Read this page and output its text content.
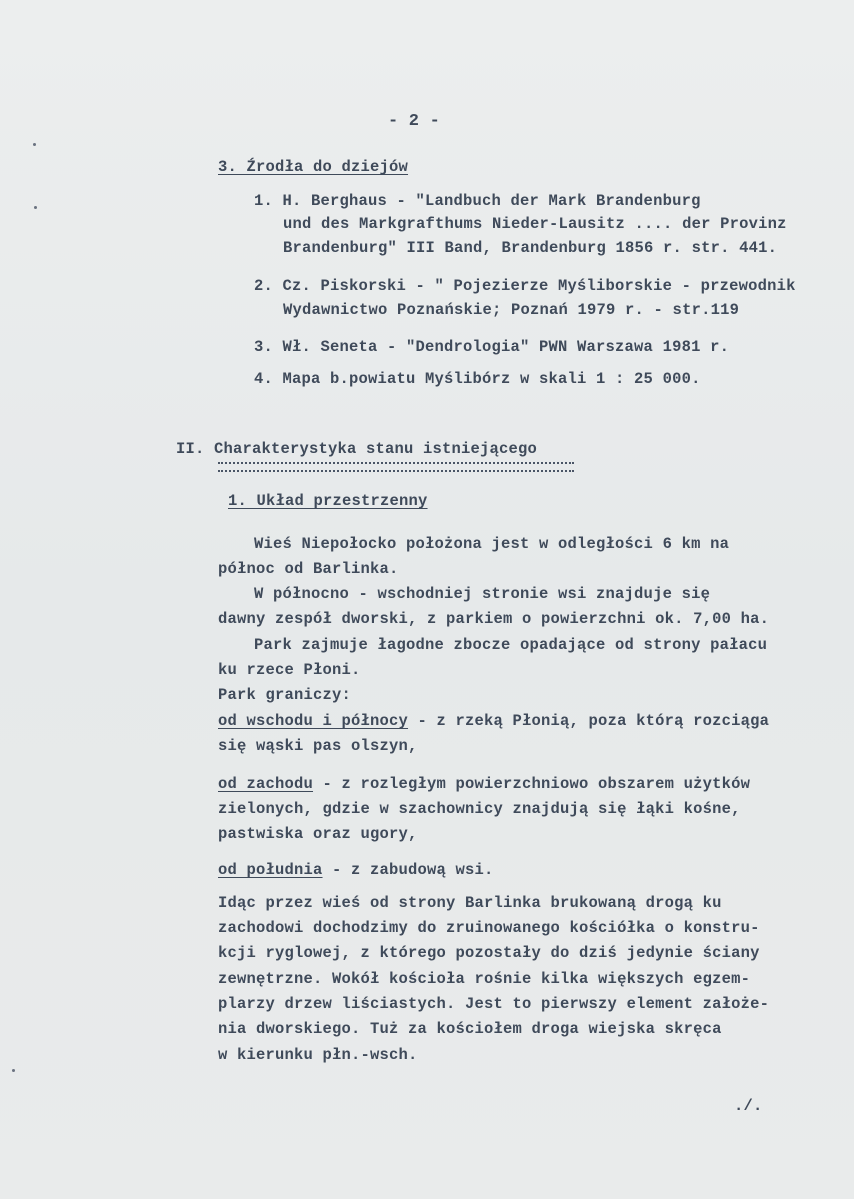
- 2 -
3. Źrodła do dziejów
1. H. Berghaus - "Landbuch der Mark Brandenburg
und des Markgrafthums Nieder-Lausitz .... der Provinz
Brandenburg" III Band, Brandenburg 1856 r. str. 441.
2. Cz. Piskorski - " Pojezierze Myśliborskie - przewodnik
Wydawnictwo Poznańskie; Poznań 1979 r. - str.119
3. Wł. Seneta - "Dendrologia" PWN Warszawa 1981 r.
4. Mapa b.powiatu Myślibórz w skali 1 : 25 000.
II. Charakterystyka stanu istniejącego
1. Układ przestrzenny
Wieś Niepołocko położona jest w odległości 6 km na
północ od Barlinka.
W północno - wschodniej stronie wsi znajduje się
dawny zespół dworski, z parkiem o powierzchni ok. 7,00 ha.
Park zajmuje łagodne zbocze opadające od strony pałacu
ku rzece Płoni.
Park graniczy:
od wschodu i północy - z rzeką Płonią, poza którą rozciąga
się wąski pas olszyn,
od zachodu - z rozległym powierzchniowo obszarem użytków
zielonych, gdzie w szachownicy znajdują się łąki kośne,
pastwiska oraz ugory,
od południa - z zabudową wsi.
Idąc przez wieś od strony Barlinka brukowaną drogą ku
zachodowi dochodzimy do zruinowanego kościółka o konstru-
kcji ryglowej, z którego pozostały do dziś jedynie ściany
zewnętrzne. Wokół kościoła rośnie kilka większych egzem-
plarzy drzew liściastych. Jest to pierwszy element założe-
nia dworskiego. Tuż za kościołem droga wiejska skręca
w kierunku płn.-wsch.
./.
